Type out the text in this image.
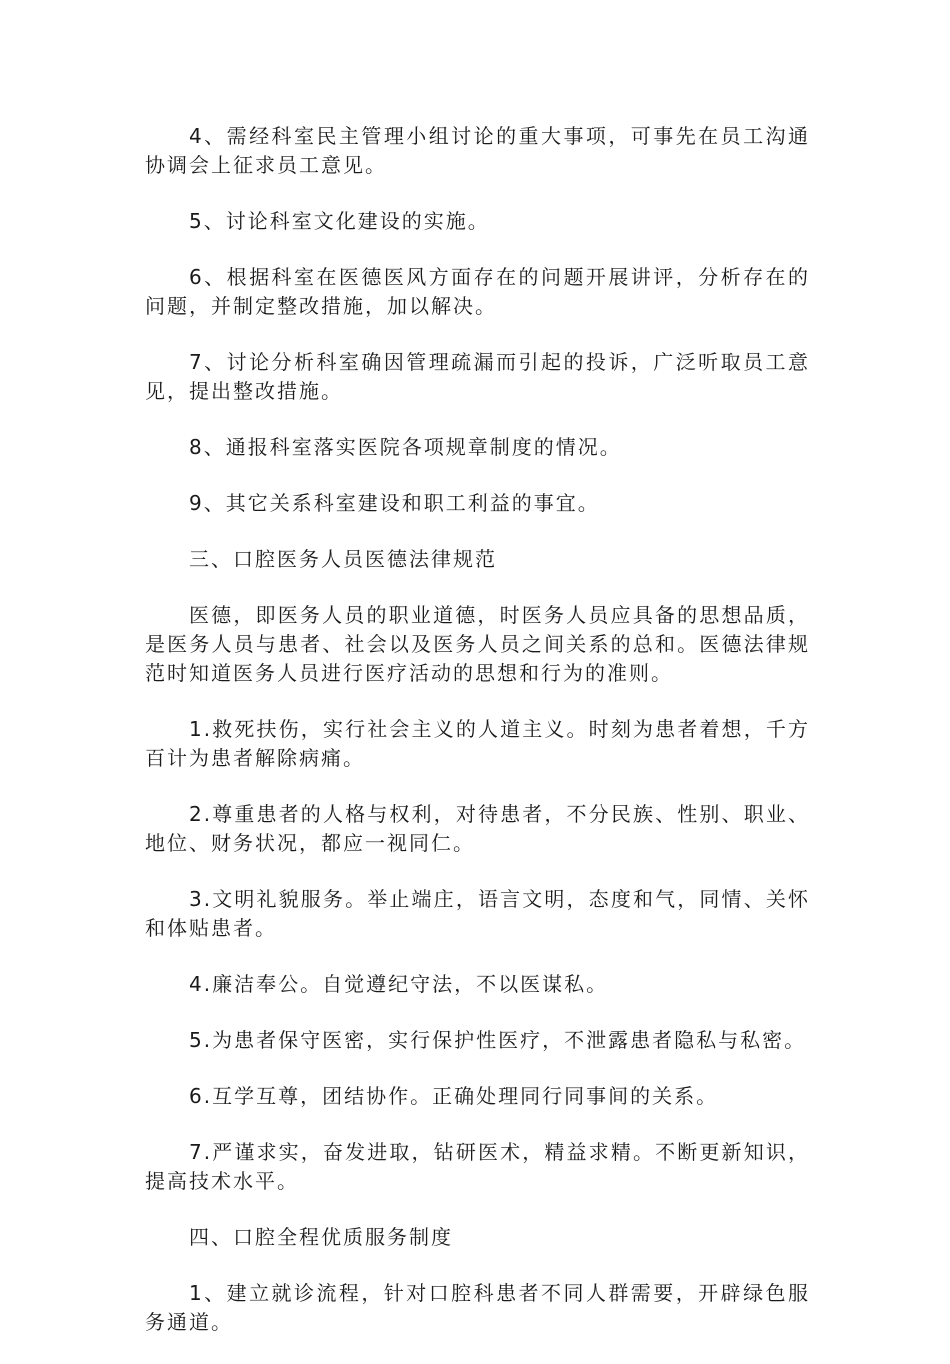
4、需经科室民主管理小组讨论的重大事项，可事先在员工沟通协调会上征求员工意见。

5、讨论科室文化建设的实施。

6、根据科室在医德医风方面存在的问题开展讲评，分析存在的问题，并制定整改措施，加以解决。

7、讨论分析科室确因管理疏漏而引起的投诉，广泛听取员工意见，提出整改措施。

8、通报科室落实医院各项规章制度的情况。

9、其它关系科室建设和职工利益的事宜。

三、口腔医务人员医德法律规范

医德，即医务人员的职业道德，时医务人员应具备的思想品质，是医务人员与患者、社会以及医务人员之间关系的总和。医德法律规范时知道医务人员进行医疗活动的思想和行为的准则。

1.救死扶伤，实行社会主义的人道主义。时刻为患者着想，千方百计为患者解除病痛。

2.尊重患者的人格与权利，对待患者，不分民族、性别、职业、地位、财务状况，都应一视同仁。

3.文明礼貌服务。举止端庄，语言文明，态度和气，同情、关怀和体贴患者。

4.廉洁奉公。自觉遵纪守法，不以医谋私。

5.为患者保守医密，实行保护性医疗，不泄露患者隐私与私密。

6.互学互尊，团结协作。正确处理同行同事间的关系。

7.严谨求实，奋发进取，钻研医术，精益求精。不断更新知识，提高技术水平。

四、口腔全程优质服务制度

1、建立就诊流程，针对口腔科患者不同人群需要，开辟绿色服务通道。
